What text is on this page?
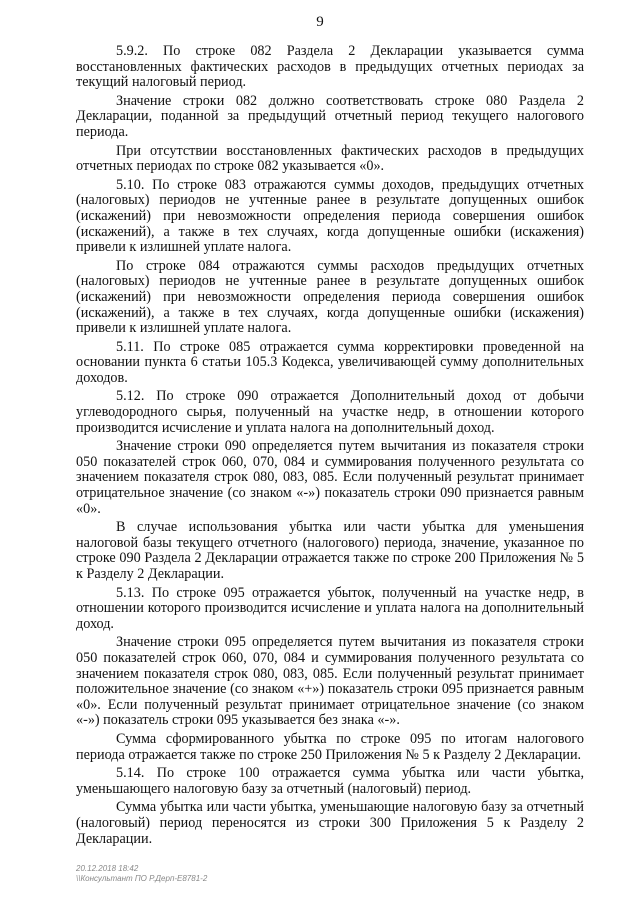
9

5.9.2. По строке 082 Раздела 2 Декларации указывается сумма восстановленных фактических расходов в предыдущих отчетных периодах за текущий налоговый период.

Значение строки 082 должно соответствовать строке 080 Раздела 2 Декларации, поданной за предыдущий отчетный период текущего налогового периода.

При отсутствии восстановленных фактических расходов в предыдущих отчетных периодах по строке 082 указывается «0».

5.10. По строке 083 отражаются суммы доходов, предыдущих отчетных (налоговых) периодов не учтенные ранее в результате допущенных ошибок (искажений) при невозможности определения периода совершения ошибок (искажений), а также в тех случаях, когда допущенные ошибки (искажения) привели к излишней уплате налога.

По строке 084 отражаются суммы расходов предыдущих отчетных (налоговых) периодов не учтенные ранее в результате допущенных ошибок (искажений) при невозможности определения периода совершения ошибок (искажений), а также в тех случаях, когда допущенные ошибки (искажения) привели к излишней уплате налога.

5.11. По строке 085 отражается сумма корректировки проведенной на основании пункта 6 статьи 105.3 Кодекса, увеличивающей сумму дополнительных доходов.

5.12. По строке 090 отражается Дополнительный доход от добычи углеводородного сырья, полученный на участке недр, в отношении которого производится исчисление и уплата налога на дополнительный доход.

Значение строки 090 определяется путем вычитания из показателя строки 050 показателей строк 060, 070, 084 и суммирования полученного результата со значением показателя строк 080, 083, 085. Если полученный результат принимает отрицательное значение (со знаком «-») показатель строки 090 признается равным «0».

В случае использования убытка или части убытка для уменьшения налоговой базы текущего отчетного (налогового) периода, значение, указанное по строке 090 Раздела 2 Декларации отражается также по строке 200 Приложения № 5 к Разделу 2 Декларации.

5.13. По строке 095 отражается убыток, полученный на участке недр, в отношении которого производится исчисление и уплата налога на дополнительный доход.

Значение строки 095 определяется путем вычитания из показателя строки 050 показателей строк 060, 070, 084 и суммирования полученного результата со значением показателя строк 080, 083, 085. Если полученный результат принимает положительное значение (со знаком «+») показатель строки 095 признается равным «0». Если полученный результат принимает отрицательное значение (со знаком «-») показатель строки 095 указывается без знака «-».

Сумма сформированного убытка по строке 095 по итогам налогового периода отражается также по строке 250 Приложения № 5 к Разделу 2 Декларации.

5.14. По строке 100 отражается сумма убытка или части убытка, уменьшающего налоговую базу за отчетный (налоговый) период.

Сумма убытка или части убытка, уменьшающие налоговую базу за отчетный (налоговый) период переносятся из строки 300 Приложения 5 к Разделу 2 Декларации.

20.12.2018 18:42
\\Консультант ПО Р.Дерп-E8781-2
